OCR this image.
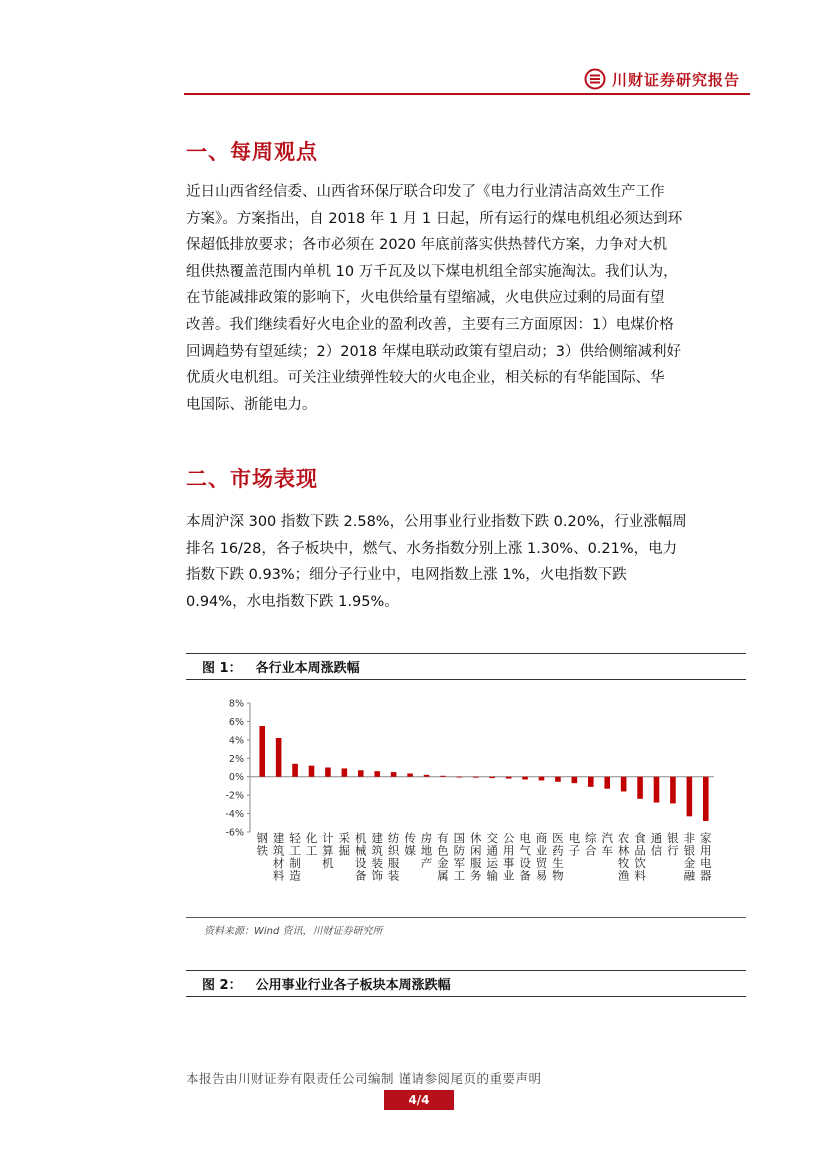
川财证券研究报告
一、每周观点

近日山西省经信委、山西省环保厅联合印发了《电力行业清洁高效生产工作
方案》。方案指出，自 2018 年 1 月 1 日起，所有运行的煤电机组必须达到环
保超低排放要求；各市必须在 2020 年底前落实供热替代方案，力争对大机
组供热覆盖范围内单机 10 万千瓦及以下煤电机组全部实施淘汰。我们认为，
在节能减排政策的影响下，火电供给量有望缩减，火电供应过剩的局面有望
改善。我们继续看好火电企业的盈利改善，主要有三方面原因：1）电煤价格
回调趋势有望延续；2）2018 年煤电联动政策有望启动；3）供给侧缩减利好
优质火电机组。可关注业绩弹性较大的火电企业，相关标的有华能国际、华
电国际、浙能电力。

二、市场表现

本周沪深 300 指数下跌 2.58%，公用事业行业指数下跌 0.20%，行业涨幅周
排名 16/28，各子板块中，燃气、水务指数分别上涨 1.30%、0.21%，电力
指数下跌 0.93%；细分子行业中，电网指数上涨 1%，火电指数下跌
0.94%，水电指数下跌 1.95%。

图 1： 各行业本周涨跌幅
8%
6%
4%
2%
0%
-2%
-4%
-6% 钢铁
建筑材料
轻工制造
化工
计算机
采掘
机械设备
建筑装饰
纺织服装
传媒
房地产
有色金属
国防军工
休闲服务
交通运输
公用事业
电气设备
商业贸易
医药生物
电子
综合
汽车
农林牧渔
食品饮料
通信
银行
非银金融
家用电器
资料来源：Wind 资讯，川财证券研究所
图 2： 公用事业行业各子板块本周涨跌幅
本报告由川财证券有限责任公司编制 谨请参阅尾页的重要声明
4/4
